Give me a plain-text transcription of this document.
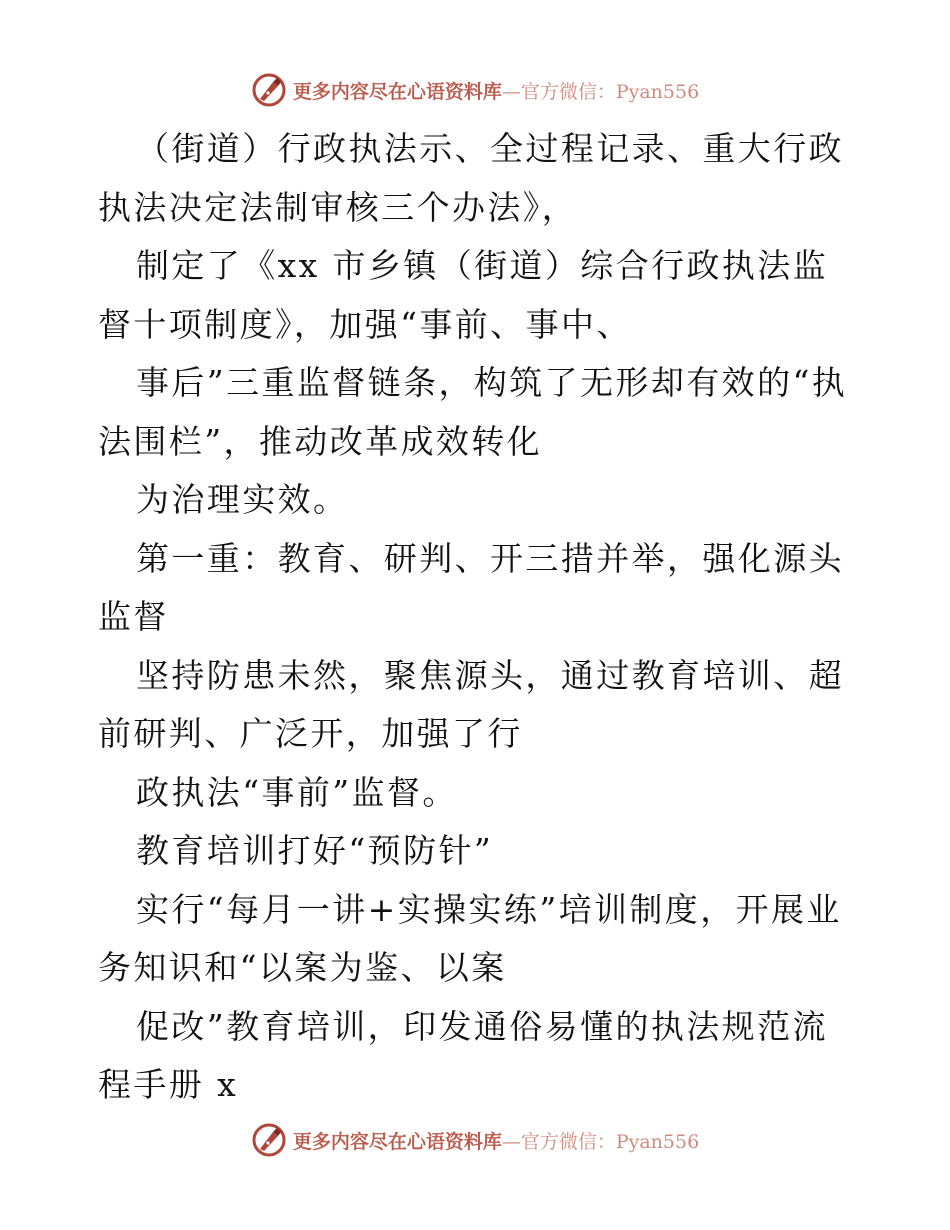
更多内容尽在心语资料库—官方微信：Pyan556

（街道）行政执法示、全过程记录、重大行政执法决定法制审核三个办法》，

制定了《xx 市乡镇（街道）综合行政执法监督十项制度》，加强“事前、事中、

事后”三重监督链条，构筑了无形却有效的“执法围栏”，推动改革成效转化

为治理实效。

第一重：教育、研判、开三措并举，强化源头监督

坚持防患未然，聚焦源头，通过教育培训、超前研判、广泛开，加强了行

政执法“事前”监督。

教育培训打好“预防针”

实行“每月一讲+实操实练”培训制度，开展业务知识和“以案为鉴、以案

促改”教育培训，印发通俗易懂的执法规范流程手册 x

更多内容尽在心语资料库—官方微信：Pyan556
